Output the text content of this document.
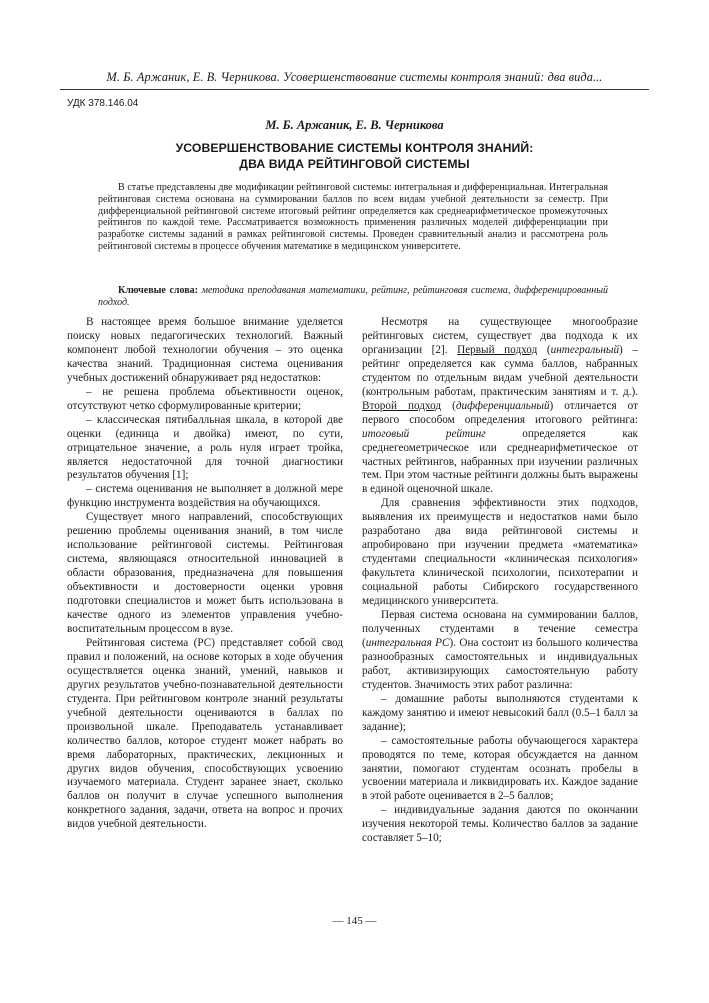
М. Б. Аржаник, Е. В. Черникова. Усовершенствование системы контроля знаний: два вида...
УДК 378.146.04
М. Б. Аржаник, Е. В. Черникова
УСОВЕРШЕНСТВОВАНИЕ СИСТЕМЫ КОНТРОЛЯ ЗНАНИЙ:
ДВА ВИДА РЕЙТИНГОВОЙ СИСТЕМЫ

В статье представлены две модификации рейтинговой системы: интегральная и дифференциальная. Интегральная рейтинговая система основана на суммировании баллов по всем видам учебной деятельности за семестр. При дифференциальной рейтинговой системе итоговый рейтинг определяется как среднеарифметическое промежуточных рейтингов по каждой теме. Рассматривается возможность применения различных моделей дифференциации при разработке системы заданий в рамках рейтинговой системы. Проведен сравнительный анализ и рассмотрена роль рейтинговой системы в процессе обучения математике в медицинском университете.

Ключевые слова: методика преподавания математики, рейтинг, рейтинговая система, дифференцированный подход.

В настоящее время большое внимание уделяется поиску новых педагогических технологий. Важный компонент любой технологии обучения – это оценка качества знаний. Традиционная система оценивания учебных достижений обнаруживает ряд недостатков:

– не решена проблема объективности оценок, отсутствуют четко сформулированные критерии;

– классическая пятибалльная шкала, в которой две оценки (единица и двойка) имеют, по сути, отрицательное значение, а роль нуля играет тройка, является недостаточной для точной диагностики результатов обучения [1];

– система оценивания не выполняет в должной мере функцию инструмента воздействия на обучающихся.

Существует много направлений, способствующих решению проблемы оценивания знаний, в том числе использование рейтинговой системы. Рейтинговая система, являющаяся относительной инновацией в области образования, предназначена для повышения объективности и достоверности оценки уровня подготовки специалистов и может быть использована в качестве одного из элементов управления учебно-воспитательным процессом в вузе.

Рейтинговая система (РС) представляет собой свод правил и положений, на основе которых в ходе обучения осуществляется оценка знаний, умений, навыков и других результатов учебно-познавательной деятельности студента. При рейтинговом контроле знаний результаты учебной деятельности оцениваются в баллах по произвольной шкале. Преподаватель устанавливает количество баллов, которое студент может набрать во время лабораторных, практических, лекционных и других видов обучения, способствующих усвоению изучаемого материала. Студент заранее знает, сколько баллов он получит в случае успешного выполнения конкретного задания, задачи, ответа на вопрос и прочих видов учебной деятельности.

Несмотря на существующее многообразие рейтинговых систем, существует два подхода к их организации [2]. Первый подход (интегральный) – рейтинг определяется как сумма баллов, набранных студентом по отдельным видам учебной деятельности (контрольным работам, практическим занятиям и т. д.). Второй подход (дифференциальный) отличается от первого способом определения итогового рейтинга: итоговый рейтинг определяется как среднегеометрическое или среднеарифметическое от частных рейтингов, набранных при изучении различных тем. При этом частные рейтинги должны быть выражены в единой оценочной шкале.

Для сравнения эффективности этих подходов, выявления их преимуществ и недостатков нами было разработано два вида рейтинговой системы и апробировано при изучении предмета «математика» студентами специальности «клиническая психология» факультета клинической психологии, психотерапии и социальной работы Сибирского государственного медицинского университета.

Первая система основана на суммировании баллов, полученных студентами в течение семестра (интегральная РС). Она состоит из большого количества разнообразных самостоятельных и индивидуальных работ, активизирующих самостоятельную работу студентов. Значимость этих работ различна:

– домашние работы выполняются студентами к каждому занятию и имеют невысокий балл (0.5–1 балл за задание);

– самостоятельные работы обучающегося характера проводятся по теме, которая обсуждается на данном занятии, помогают студентам осознать пробелы в усвоении материала и ликвидировать их. Каждое задание в этой работе оценивается в 2–5 баллов;

– индивидуальные задания даются по окончании изучения некоторой темы. Количество баллов за задание составляет 5–10;

— 145 —
